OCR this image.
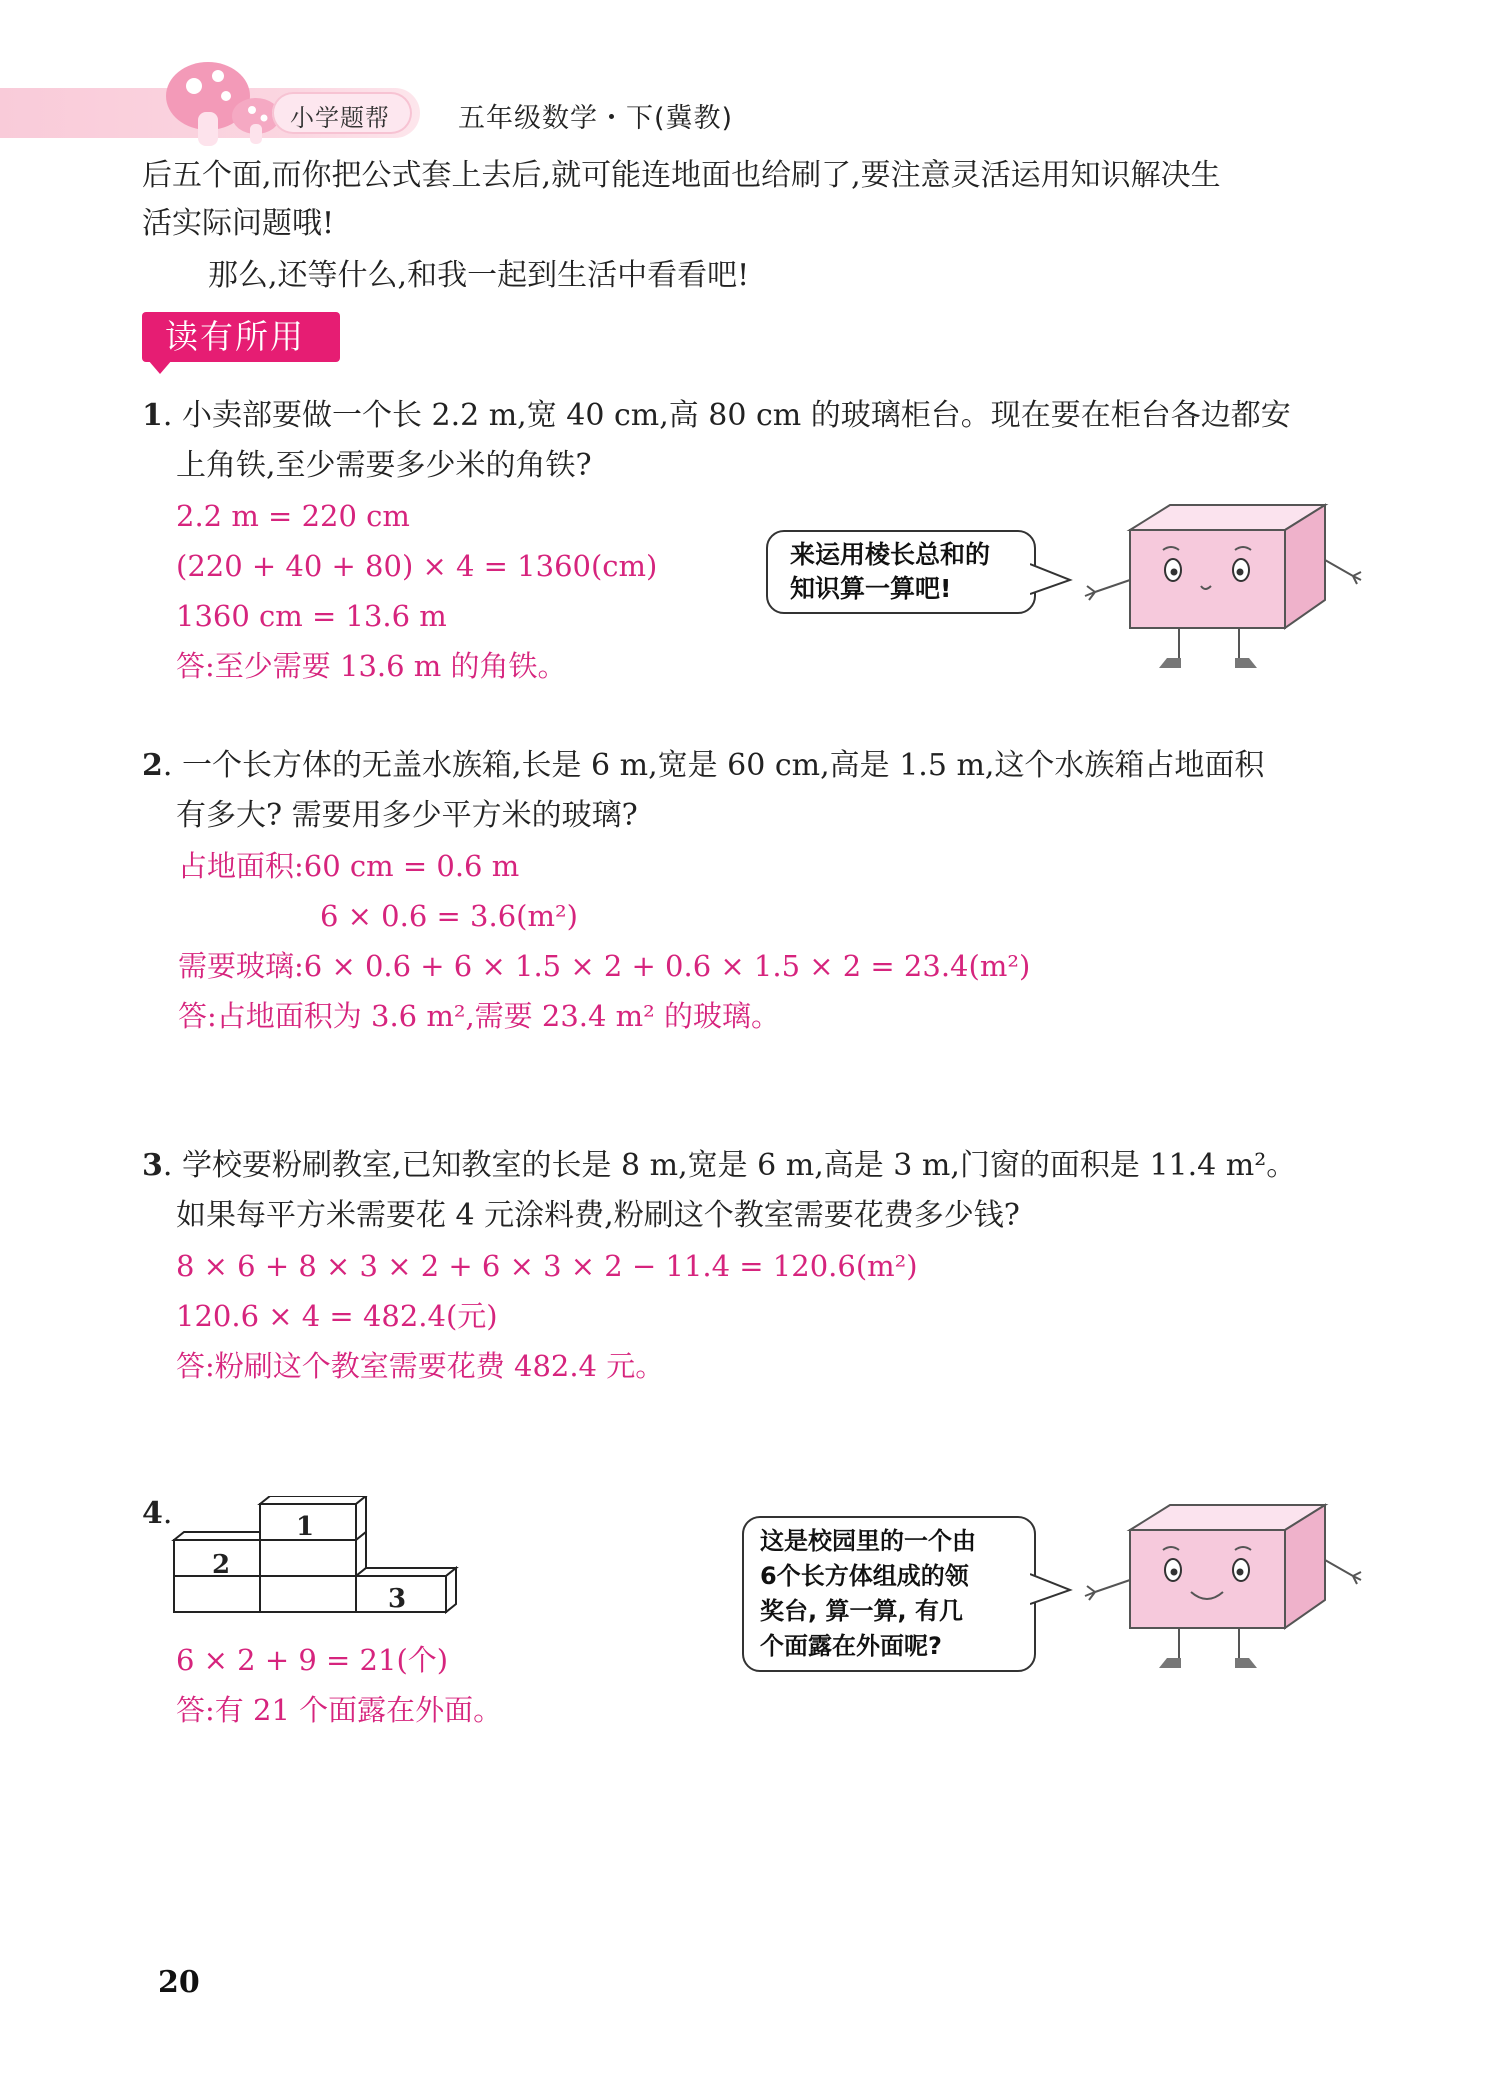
小学题帮	五年级数学・下(冀教)
后五个面,而你把公式套上去后,就可能连地面也给刷了,要注意灵活运用知识解决生
活实际问题哦!
那么,还等什么,和我一起到生活中看看吧!
读有所用
1. 小卖部要做一个长 2.2 m,宽 40 cm,高 80 cm 的玻璃柜台。现在要在柜台各边都安
上角铁,至少需要多少米的角铁?
2.2 m = 220 cm
(220 + 40 + 80) × 4 = 1360(cm)
1360 cm = 13.6 m
答:至少需要 13.6 m 的角铁。
来运用棱长总和的
知识算一算吧!
2. 一个长方体的无盖水族箱,长是 6 m,宽是 60 cm,高是 1.5 m,这个水族箱占地面积
有多大? 需要用多少平方米的玻璃?
占地面积:60 cm = 0.6 m
6 × 0.6 = 3.6(m²)
需要玻璃:6 × 0.6 + 6 × 1.5 × 2 + 0.6 × 1.5 × 2 = 23.4(m²)
答:占地面积为 3.6 m²,需要 23.4 m² 的玻璃。
3. 学校要粉刷教室,已知教室的长是 8 m,宽是 6 m,高是 3 m,门窗的面积是 11.4 m²。
如果每平方米需要花 4 元涂料费,粉刷这个教室需要花费多少钱?
8 × 6 + 8 × 3 × 2 + 6 × 3 × 2 − 11.4 = 120.6(m²)
120.6 × 4 = 482.4(元)
答:粉刷这个教室需要花费 482.4 元。
4.	1
2
3
6 × 2 + 9 = 21(个)
答:有 21 个面露在外面。
这是校园里的一个由
6个长方体组成的领
奖台, 算一算, 有几
个面露在外面呢?
20
